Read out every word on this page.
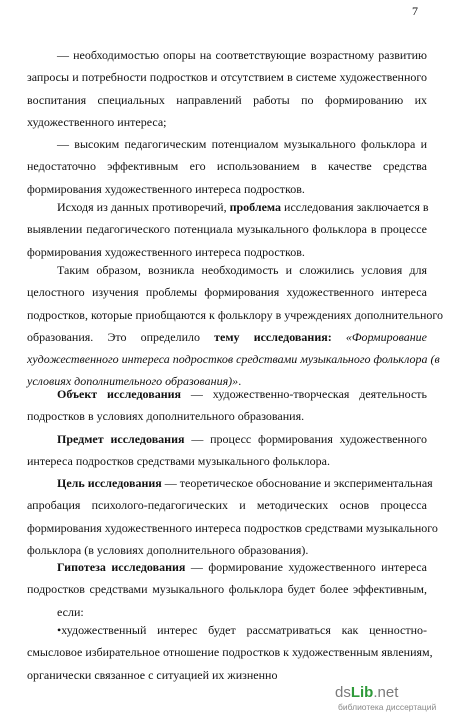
7
— необходимостью опоры на соответствующие возрастному развитию
запросы и потребности подростков и отсутствием в системе художественного
воспитания специальных направлений работы по формированию их
художественного интереса;
— высоким педагогическим потенциалом музыкального фольклора и
недостаточно эффективным его использованием в качестве средства
формирования художественного интереса подростков.
Исходя из данных противоречий, проблема исследования заключается в
выявлении педагогического потенциала музыкального фольклора в процессе
формирования художественного интереса подростков.
Таким образом, возникла необходимость и сложились условия для
целостного изучения проблемы формирования художественного интереса
подростков, которые приобщаются к фольклору в учреждениях дополнительного
образования. Это определило тему исследования: «Формирование
художественного интереса подростков средствами музыкального фольклора (в
условиях дополнительного образования)».
Объект исследования — художественно-творческая деятельность
подростков в условиях дополнительного образования.
Предмет исследования — процесс формирования художественного
интереса подростков средствами музыкального фольклора.
Цель исследования — теоретическое обоснование и экспериментальная
апробация психолого-педагогических и методических основ процесса
формирования художественного интереса подростков средствами музыкального
фольклора (в условиях дополнительного образования).
Гипотеза исследования — формирование художественного интереса
подростков средствами музыкального фольклора будет более эффективным,
если:
•художественный интерес будет рассматриваться как ценностно-
смысловое избирательное отношение подростков к художественным явлениям,
органически связанное с ситуацией их жизненно
dsLib.net
библиотека диссертаций
